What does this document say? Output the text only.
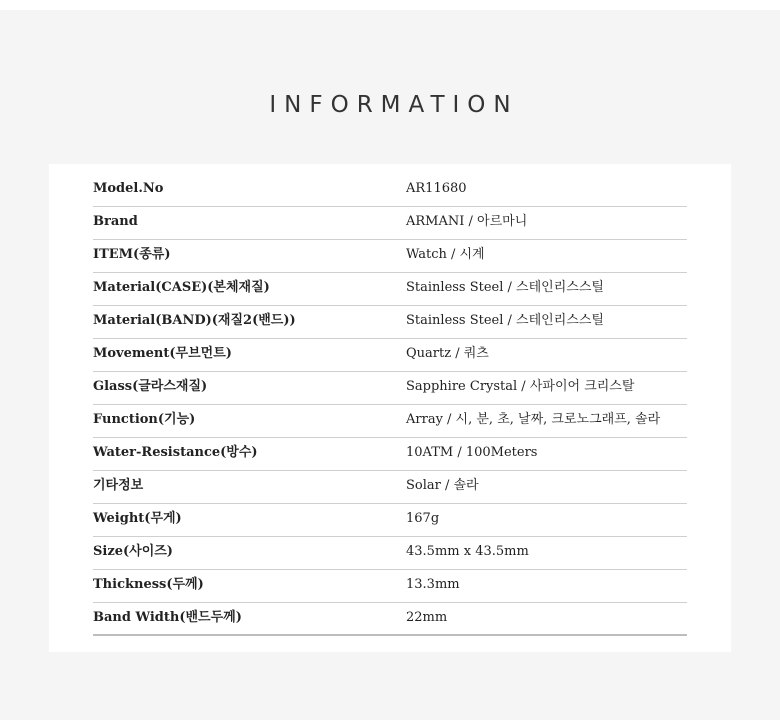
INFORMATION
Model.No	AR11680
Brand	ARMANI / 아르마니
ITEM(종류)	Watch / 시계
Material(CASE)(본체재질)	Stainless Steel / 스테인리스스틸
Material(BAND)(재질2(밴드))	Stainless Steel / 스테인리스스틸
Movement(무브먼트)	Quartz / 쿼츠
Glass(글라스재질)	Sapphire Crystal / 사파이어 크리스탈
Function(기능)	Array / 시, 분, 초, 날짜, 크로노그래프, 솔라
Water-Resistance(방수)	10ATM / 100Meters
기타정보	Solar / 솔라
Weight(무게)	167g
Size(사이즈)	43.5mm x 43.5mm
Thickness(두께)	13.3mm
Band Width(밴드두께)	22mm
